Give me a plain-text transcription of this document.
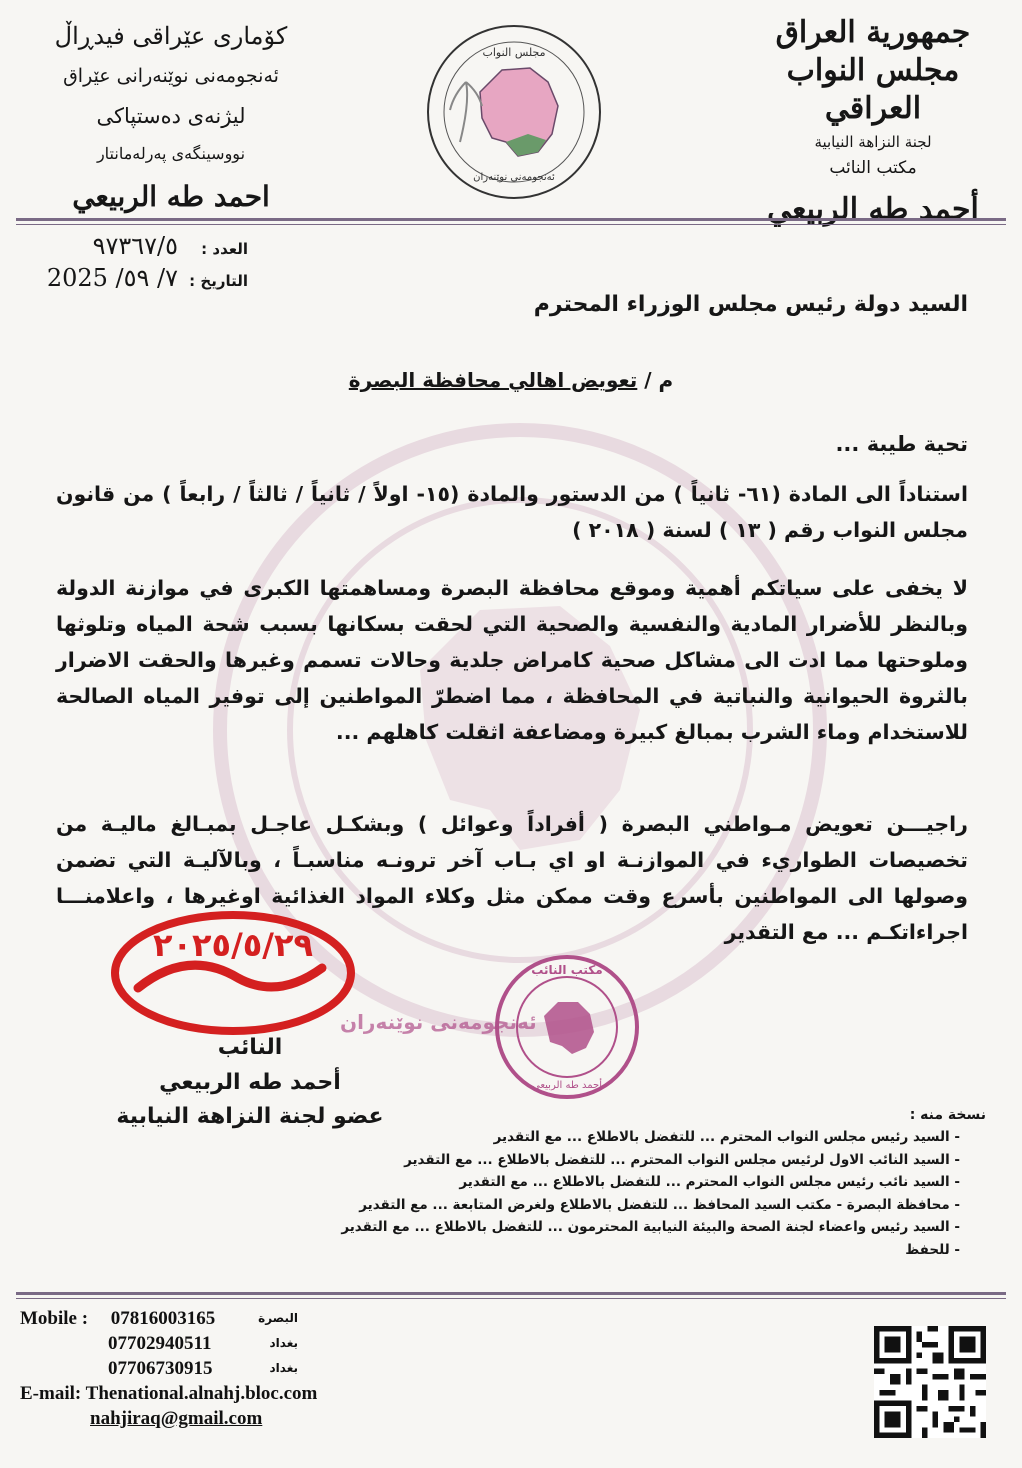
جمهورية العراق
مجلس النواب العراقي
لجنة النزاهة النيابية
مكتب النائب
أحمد طه الربيعي
مجلس النواب
ئەنجومەنی نوێنەران
كۆماری عێراقی فیدڕاڵ
ئەنجومەنی نوێنەرانی عێراق
لیژنەی دەستپاکی
نووسینگەی پەرلەمانتار
احمد طه الربيعي
العدد :
٩٧٣٦٧/٥
التاريخ :
2025 /٧/ ٥٩
السيد دولة رئيس مجلس الوزراء المحترم
م / تعويض اهالي محافظة البصرة
تحية طيبة ...
استناداً الى المادة (٦١- ثانياً ) من الدستور والمادة (١٥- اولاً / ثانياً / ثالثاً / رابعاً ) من قانون مجلس النواب رقم ( ١٣ ) لسنة ( ٢٠١٨ )
لا يخفى على سياتكم أهمية وموقع محافظة البصرة ومساهمتها الكبرى في موازنة الدولة وبالنظر للأضرار المادية والنفسية والصحية التي لحقت بسكانها بسبب شحة المياه وتلوثها وملوحتها مما ادت الى مشاكل صحية كامراض جلدية وحالات تسمم وغيرها والحقت الاضرار بالثروة الحيوانية والنباتية في المحافظة ، مما اضطرّ المواطنين إلى توفير المياه الصالحة للاستخدام وماء الشرب بمبالغ كبيرة ومضاعفة اثقلت كاهلهم ...
راجيـــن تعويض مـواطني البصرة ( أفراداً وعوائل ) وبشكـل عاجـل بمبـالغ ماليـة من تخصيصات الطواريء في الموازنـة او اي بـاب آخر ترونـه مناسبـاً ، وبالآليـة التي تضمن وصولها الى المواطنين بأسرع وقت ممكن مثل وكلاء المواد الغذائية اوغيرها ، واعلامنـــا اجراءاتكـم ... مع التقدير
٢٠٢٥/٥/٢٩
مكتب النائب
أحمد طه الربيعي
ئەنجومەنی نوێنەران
النائب
أحمد طه الربيعي
عضو لجنة النزاهة النيابية	نسخة منه :
- السيد رئيس مجلس النواب المحترم ... للتفضل بالاطلاع ... مع التقدير
- السيد النائب الاول لرئيس مجلس النواب المحترم ... للتفضل بالاطلاع ... مع التقدير
- السيد نائب رئيس مجلس النواب المحترم ... للتفضل بالاطلاع ... مع التقدير
- محافظة البصرة - مكتب السيد المحافظ ... للتفضل بالاطلاع ولغرض المتابعة ... مع التقدير
- السيد رئيس واعضاء لجنة الصحة والبيئة النيابية المحترمون ... للتفضل بالاطلاع ... مع التقدير
- للحفظ
Mobile : 07816003165	البصرة
07702940511	بغداد
07706730915	بغداد
E-mail: Thenational.alnahj.bloc.com
nahjiraq@gmail.com
